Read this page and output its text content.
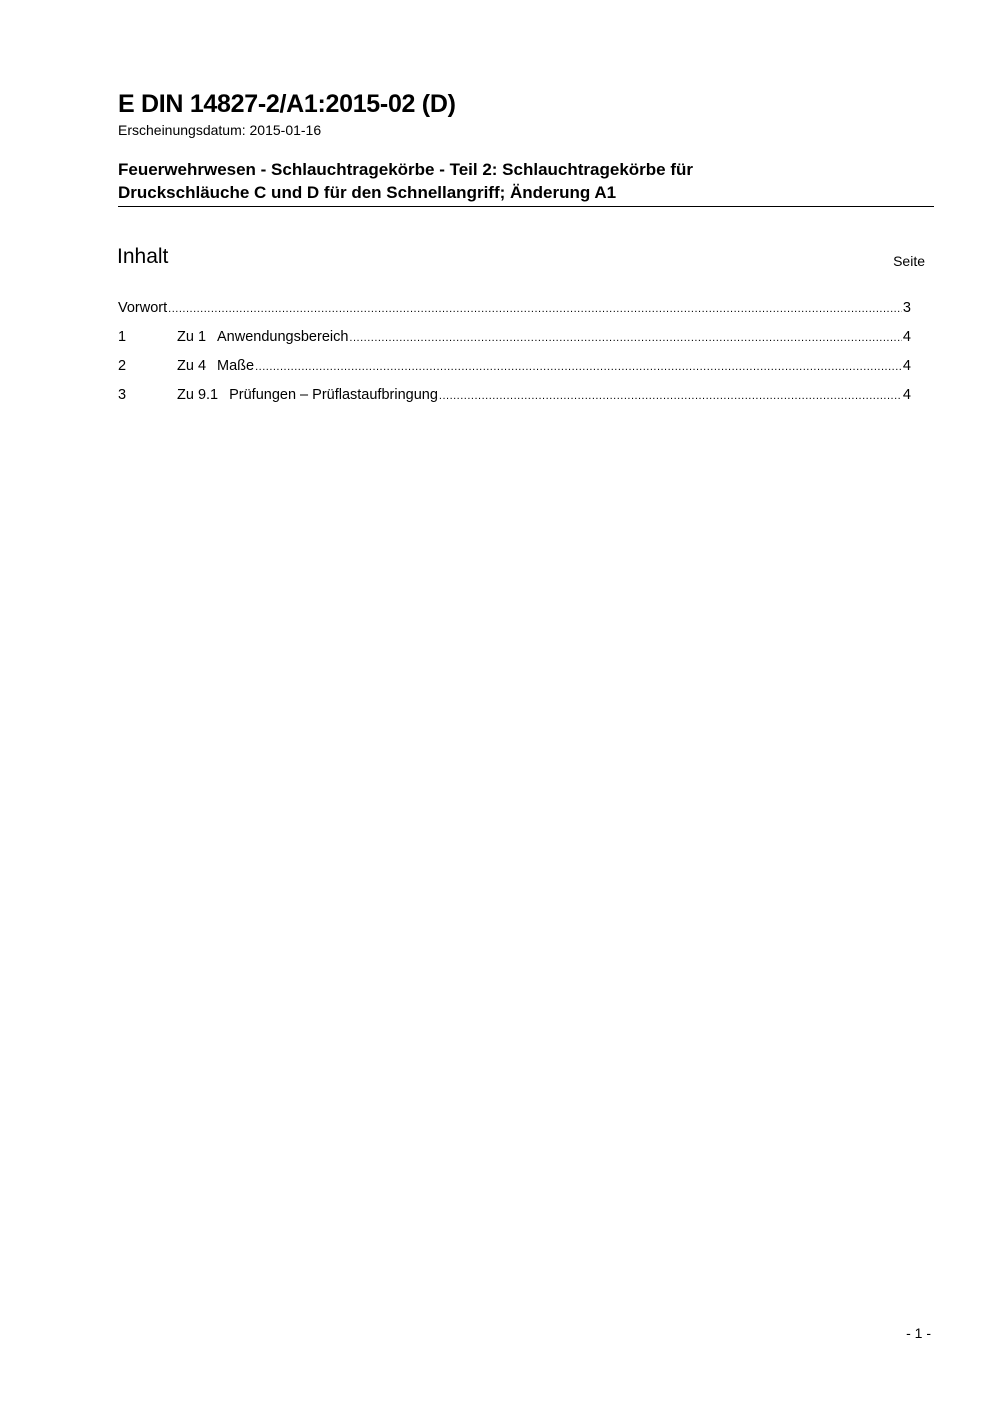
E DIN 14827-2/A1:2015-02 (D)
Erscheinungsdatum: 2015-01-16
Feuerwehrwesen - Schlauchtragekörbe - Teil 2: Schlauchtragekörbe für
Druckschläuche C und D für den Schnellangriff; Änderung A1
Inhalt	Seite
Vorwort .....	3
1	Zu 1 Anwendungsbereich .....	4
2	Zu 4 Maße .....	4
3	Zu 9.1 Prüfungen – Prüflastaufbringung .....	4
- 1 -
